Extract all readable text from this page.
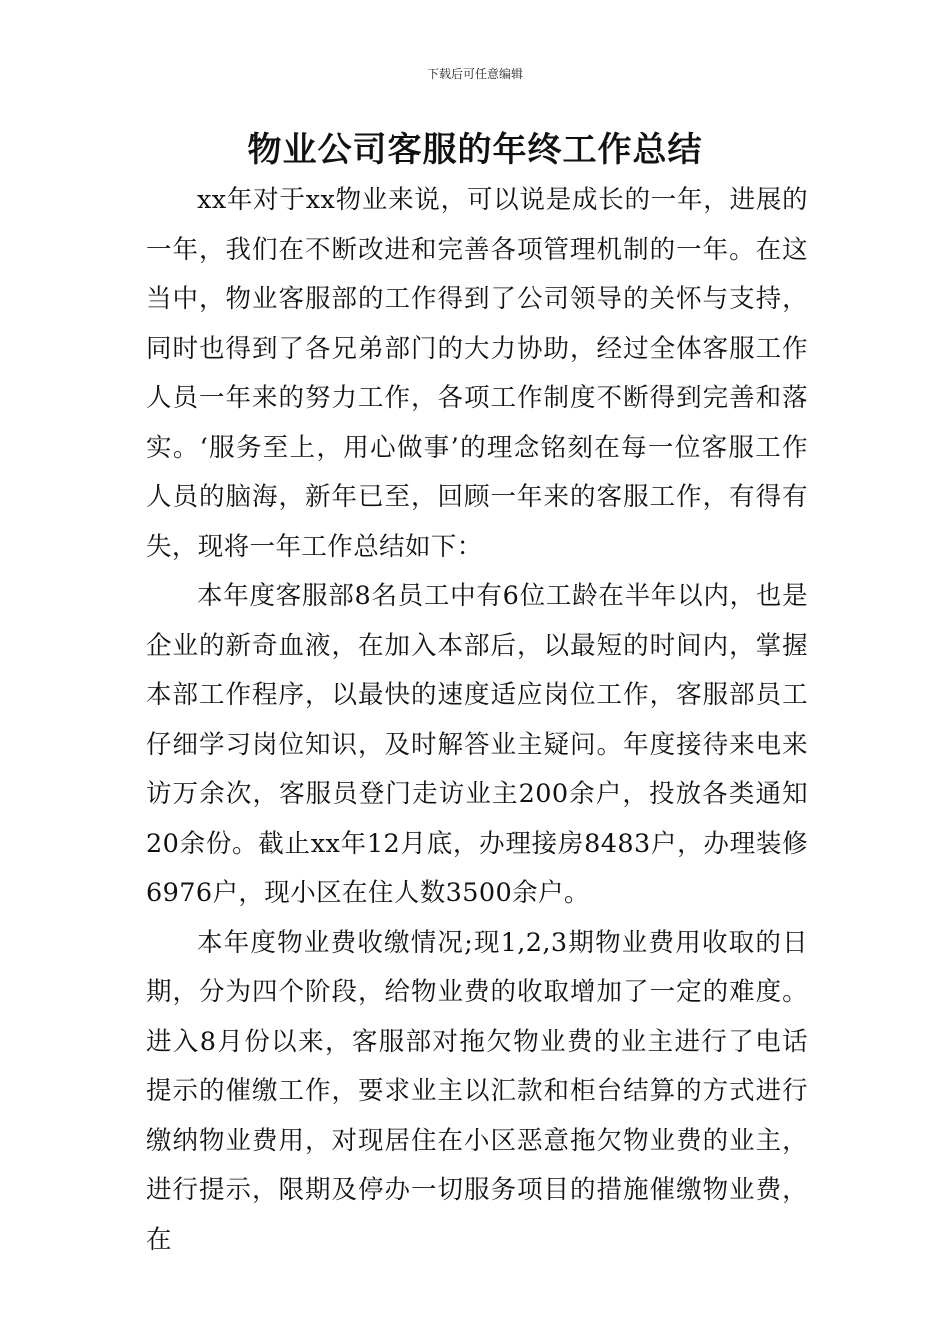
下载后可任意编辑
物业公司客服的年终工作总结

xx年对于xx物业来说，可以说是成长的一年，进展的一年，我们在不断改进和完善各项管理机制的一年。在这当中，物业客服部的工作得到了公司领导的关怀与支持，同时也得到了各兄弟部门的大力协助，经过全体客服工作人员一年来的努力工作，各项工作制度不断得到完善和落实。‘服务至上，用心做事’的理念铭刻在每一位客服工作人员的脑海，新年已至，回顾一年来的客服工作，有得有失，现将一年工作总结如下：

本年度客服部8名员工中有6位工龄在半年以内，也是企业的新奇血液，在加入本部后，以最短的时间内，掌握本部工作程序，以最快的速度适应岗位工作，客服部员工仔细学习岗位知识，及时解答业主疑问。年度接待来电来访万余次，客服员登门走访业主200余户，投放各类通知20余份。截止xx年12月底，办理接房8483户，办理装修6976户，现小区在住人数3500余户。

本年度物业费收缴情况;现1,2,3期物业费用收取的日期，分为四个阶段，给物业费的收取增加了一定的难度。进入8月份以来，客服部对拖欠物业费的业主进行了电话提示的催缴工作，要求业主以汇款和柜台结算的方式进行缴纳物业费用，对现居住在小区恶意拖欠物业费的业主，进行提示，限期及停办一切服务项目的措施催缴物业费，在
